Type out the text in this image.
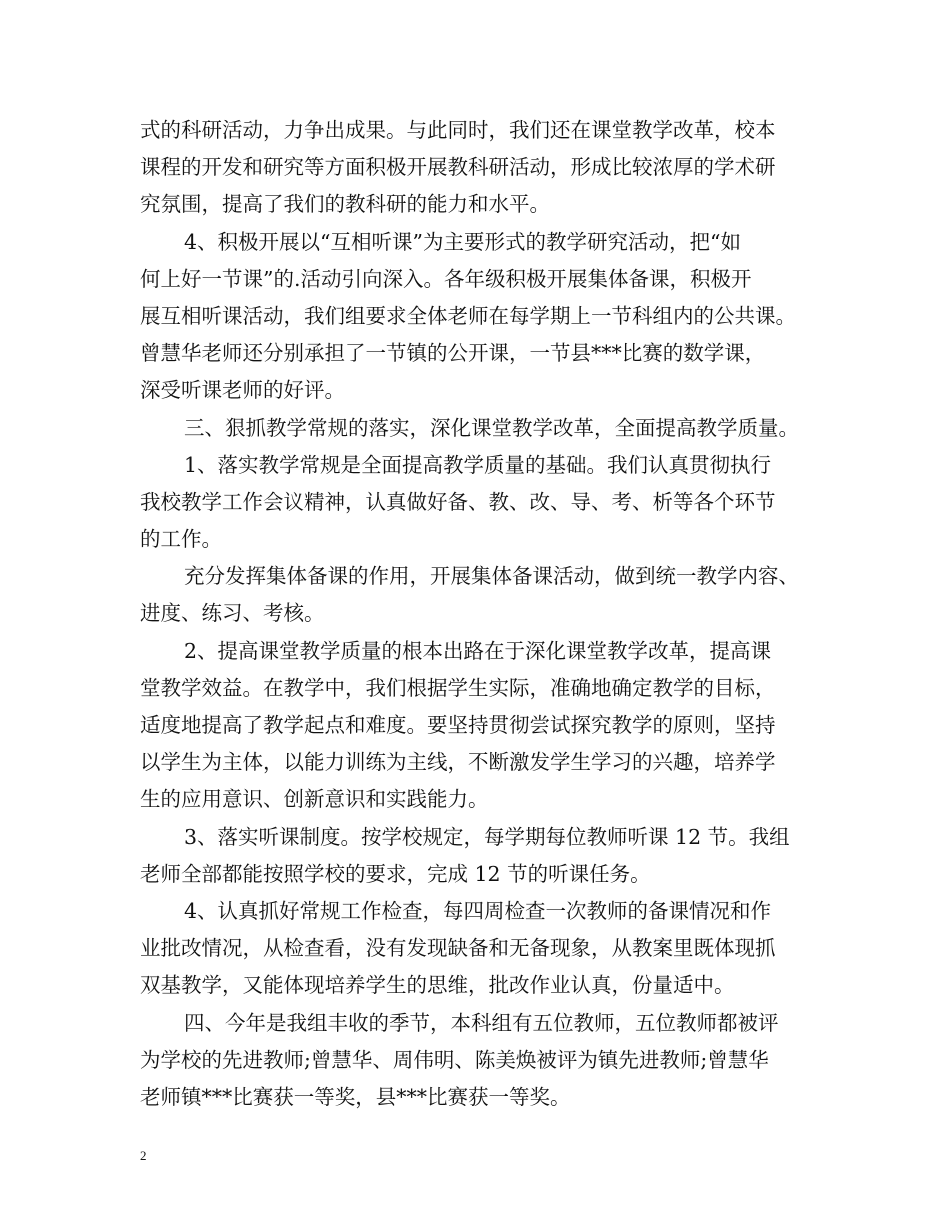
式的科研活动，力争出成果。与此同时，我们还在课堂教学改革，校本
课程的开发和研究等方面积极开展教科研活动，形成比较浓厚的学术研
究氛围，提高了我们的教科研的能力和水平。
4、积极开展以“互相听课”为主要形式的教学研究活动，把“如
何上好一节课”的.活动引向深入。各年级积极开展集体备课，积极开
展互相听课活动，我们组要求全体老师在每学期上一节科组内的公共课。
曾慧华老师还分别承担了一节镇的公开课，一节县***比赛的数学课，
深受听课老师的好评。
三、狠抓教学常规的落实，深化课堂教学改革，全面提高教学质量。
1、落实教学常规是全面提高教学质量的基础。我们认真贯彻执行
我校教学工作会议精神，认真做好备、教、改、导、考、析等各个环节
的工作。
充分发挥集体备课的作用，开展集体备课活动，做到统一教学内容、
进度、练习、考核。
2、提高课堂教学质量的根本出路在于深化课堂教学改革，提高课
堂教学效益。在教学中，我们根据学生实际，准确地确定教学的目标，
适度地提高了教学起点和难度。要坚持贯彻尝试探究教学的原则，坚持
以学生为主体，以能力训练为主线，不断激发学生学习的兴趣，培养学
生的应用意识、创新意识和实践能力。
3、落实听课制度。按学校规定，每学期每位教师听课 12 节。我组
老师全部都能按照学校的要求，完成 12 节的听课任务。
4、认真抓好常规工作检查，每四周检查一次教师的备课情况和作
业批改情况，从检查看，没有发现缺备和无备现象，从教案里既体现抓
双基教学，又能体现培养学生的思维，批改作业认真，份量适中。
四、今年是我组丰收的季节，本科组有五位教师，五位教师都被评
为学校的先进教师;曾慧华、周伟明、陈美焕被评为镇先进教师;曾慧华
老师镇***比赛获一等奖，县***比赛获一等奖。
2
